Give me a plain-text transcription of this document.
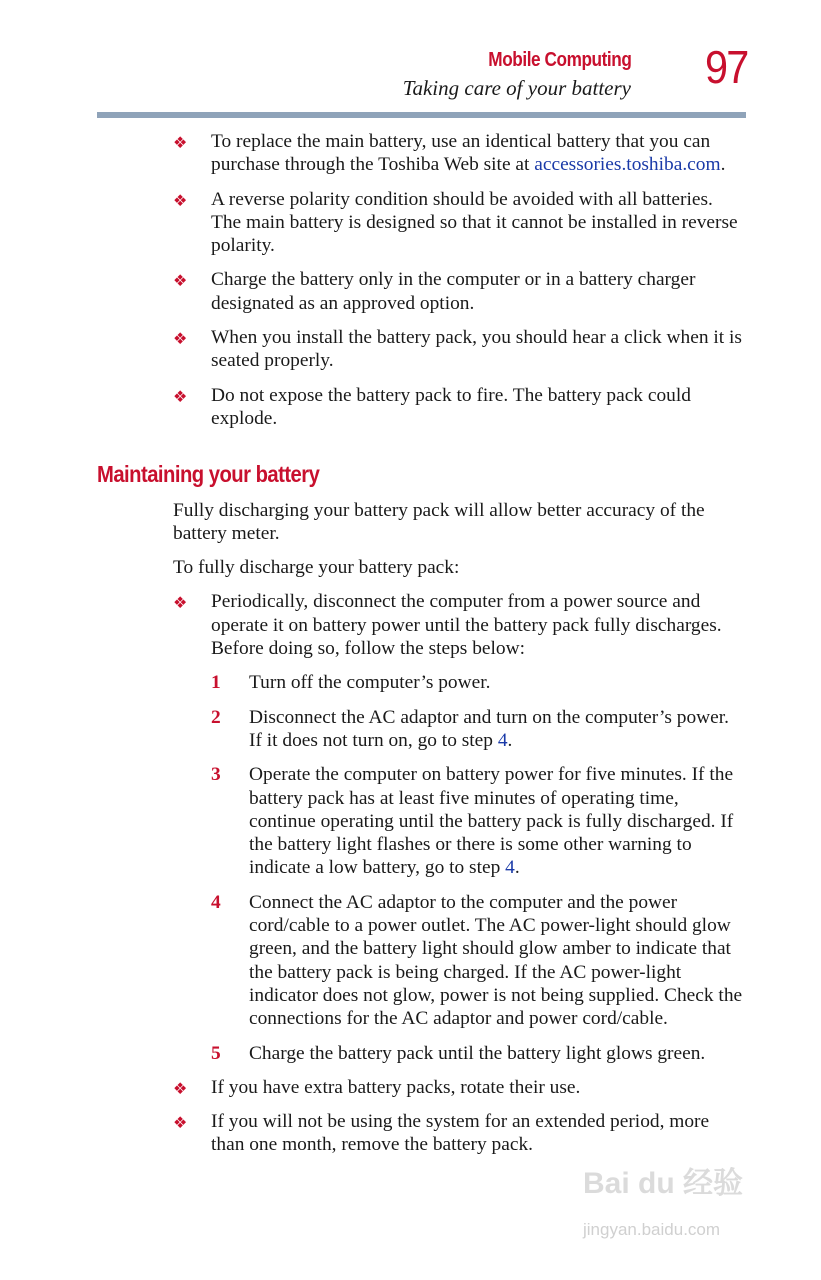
Mobile Computing
Taking care of your battery 97
❖ To replace the main battery, use an identical battery that you can purchase through the Toshiba Web site at accessories.toshiba.com.
❖ A reverse polarity condition should be avoided with all batteries. The main battery is designed so that it cannot be installed in reverse polarity.
❖ Charge the battery only in the computer or in a battery charger designated as an approved option.
❖ When you install the battery pack, you should hear a click when it is seated properly.
❖ Do not expose the battery pack to fire. The battery pack could explode.
Maintaining your battery

Fully discharging your battery pack will allow better accuracy of the battery meter.

To fully discharge your battery pack:

❖ Periodically, disconnect the computer from a power source and operate it on battery power until the battery pack fully discharges. Before doing so, follow the steps below:
1 Turn off the computer’s power.
2 Disconnect the AC adaptor and turn on the computer’s power. If it does not turn on, go to step 4.
3 Operate the computer on battery power for five minutes. If the battery pack has at least five minutes of operating time, continue operating until the battery pack is fully discharged. If the battery light flashes or there is some other warning to indicate a low battery, go to step 4.
4 Connect the AC adaptor to the computer and the power cord/cable to a power outlet. The AC power-light should glow green, and the battery light should glow amber to indicate that the battery pack is being charged. If the AC power-light indicator does not glow, power is not being supplied. Check the connections for the AC adaptor and power cord/cable.
5 Charge the battery pack until the battery light glows green.
❖ If you have extra battery packs, rotate their use.
❖ If you will not be using the system for an extended period, more than one month, remove the battery pack.
Bai du 经验
jingyan.baidu.com
